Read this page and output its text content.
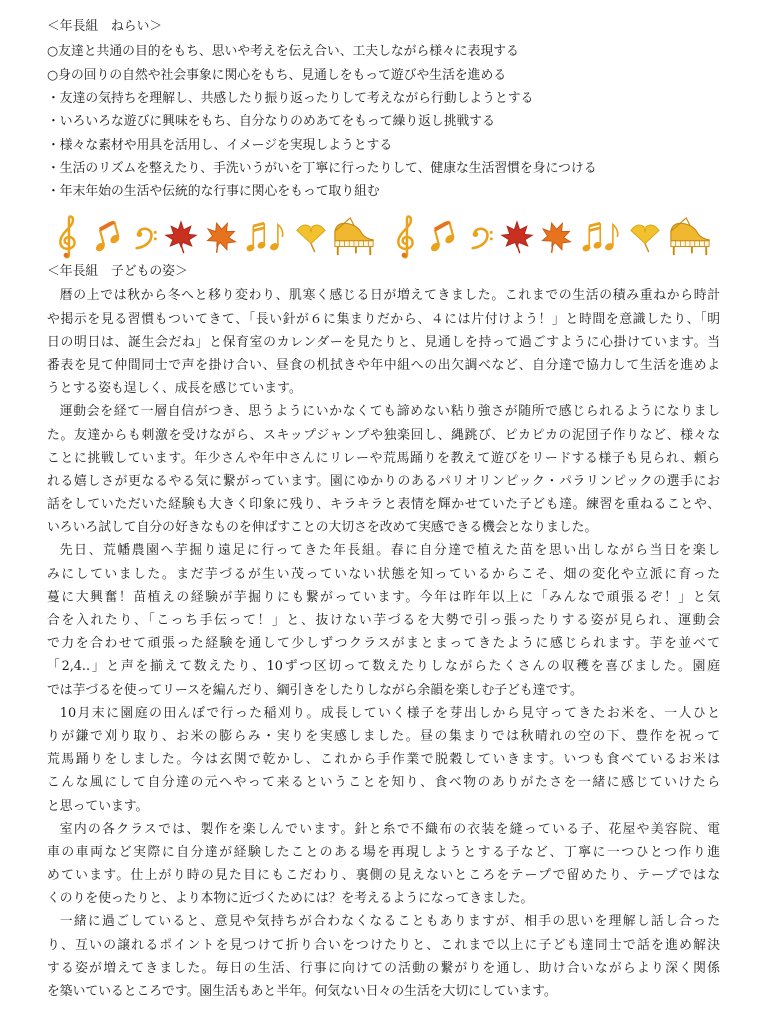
＜年長組　ねらい＞
○友達と共通の目的をもち、思いや考えを伝え合い、工夫しながら様々に表現する
○身の回りの自然や社会事象に関心をもち、見通しをもって遊びや生活を進める
・友達の気持ちを理解し、共感したり振り返ったりして考えながら行動しようとする
・いろいろな遊びに興味をもち、自分なりのめあてをもって繰り返し挑戦する
・様々な素材や用具を活用し、イメージを実現しようとする
・生活のリズムを整えたり、手洗いうがいを丁寧に行ったりして、健康な生活習慣を身につける
・年末年始の生活や伝統的な行事に関心をもって取り組む
＜年長組　子どもの姿＞
暦の上では秋から冬へと移り変わり、肌寒く感じる日が増えてきました。これまでの生活の積み重ねから時計
や掲示を見る習慣もついてきて、「長い針が６に集まりだから、４には片付けよう！」と時間を意識したり、「明
日の明日は、誕生会だね」と保育室のカレンダーを見たりと、見通しを持って過ごすように心掛けています。当
番表を見て仲間同士で声を掛け合い、昼食の机拭きや年中組への出欠調べなど、自分達で協力して生活を進めよ
うとする姿も逞しく、成長を感じています。
運動会を経て一層自信がつき、思うようにいかなくても諦めない粘り強さが随所で感じられるようになりまし
た。友達からも刺激を受けながら、スキップジャンプや独楽回し、縄跳び、ピカピカの泥団子作りなど、様々な
ことに挑戦しています。年少さんや年中さんにリレーや荒馬踊りを教えて遊びをリードする様子も見られ、頼ら
れる嬉しさが更なるやる気に繋がっています。園にゆかりのあるパリオリンピック・パラリンピックの選手にお
話をしていただいた経験も大きく印象に残り、キラキラと表情を輝かせていた子ども達。練習を重ねることや、
いろいろ試して自分の好きなものを伸ばすことの大切さを改めて実感できる機会となりました。
先日、荒幡農園へ芋掘り遠足に行ってきた年長組。春に自分達で植えた苗を思い出しながら当日を楽し
みにしていました。まだ芋づるが生い茂っていない状態を知っているからこそ、畑の変化や立派に育った
蔓に大興奮！苗植えの経験が芋掘りにも繋がっています。今年は昨年以上に「みんなで頑張るぞ！」と気
合を入れたり、「こっち手伝って！」と、抜けない芋づるを大勢で引っ張ったりする姿が見られ、運動会
で力を合わせて頑張った経験を通して少しずつクラスがまとまってきたように感じられます。芋を並べて
「2,4..」と声を揃えて数えたり、10ずつ区切って数えたりしながらたくさんの収穫を喜びました。園庭
では芋づるを使ってリースを編んだり、綱引きをしたりしながら余韻を楽しむ子ども達です。
10月末に園庭の田んぼで行った稲刈り。成長していく様子を芽出しから見守ってきたお米を、一人ひと
りが鎌で刈り取り、お米の膨らみ・実りを実感しました。昼の集まりでは秋晴れの空の下、豊作を祝って
荒馬踊りをしました。今は玄関で乾かし、これから手作業で脱穀していきます。いつも食べているお米は
こんな風にして自分達の元へやって来るということを知り、食べ物のありがたさを一緒に感じていけたら
と思っています。
室内の各クラスでは、製作を楽しんでいます。針と糸で不織布の衣装を縫っている子、花屋や美容院、電
車の車両など実際に自分達が経験したことのある場を再現しようとする子など、丁寧に一つひとつ作り進
めています。仕上がり時の見た目にもこだわり、裏側の見えないところをテープで留めたり、テープではな
くのりを使ったりと、より本物に近づくためには？を考えるようになってきました。
一緒に過ごしていると、意見や気持ちが合わなくなることもありますが、相手の思いを理解し話し合った
り、互いの譲れるポイントを見つけて折り合いをつけたりと、これまで以上に子ども達同士で話を進め解決
する姿が増えてきました。毎日の生活、行事に向けての活動の繋がりを通し、助け合いながらより深く関係
を築いているところです。園生活もあと半年。何気ない日々の生活を大切にしています。
